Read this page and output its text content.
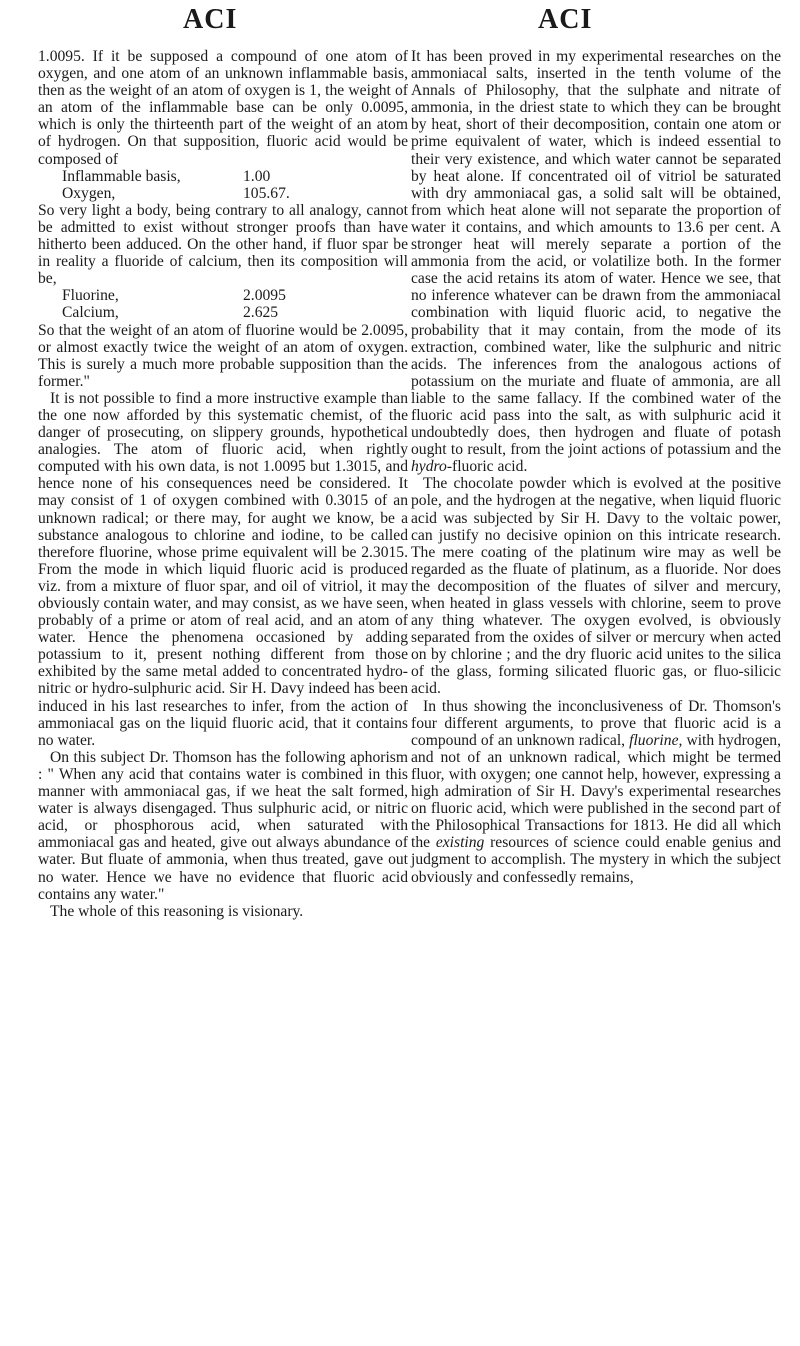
ACI	ACI

1.0095. If it be supposed a compound of one atom of oxygen, and one atom of an unknown inflammable basis, then as the weight of an atom of oxygen is 1, the weight of an atom of the inflammable base can be only 0.0095, which is only the thirteenth part of the weight of an atom of hydrogen. On that supposition, fluoric acid would be composed of

Inflammable basis,	1.00

Oxygen,	105.67.

So very light a body, being contrary to all analogy, cannot be admitted to exist without stronger proofs than have hitherto been adduced. On the other hand, if fluor spar be in reality a fluoride of calcium, then its composition will be,

Fluorine,	2.0095

Calcium,	2.625

So that the weight of an atom of fluorine would be 2.0095, or almost exactly twice the weight of an atom of oxygen. This is surely a much more probable supposition than the former."

It is not possible to find a more instructive example than the one now afforded by this systematic chemist, of the danger of prosecuting, on slippery grounds, hypothetical analogies. The atom of fluoric acid, when rightly computed with his own data, is not 1.0095 but 1.3015, and hence none of his consequences need be considered. It may consist of 1 of oxygen combined with 0.3015 of an unknown radical; or there may, for aught we know, be a substance analogous to chlorine and iodine, to be called therefore fluorine, whose prime equivalent will be 2.3015. From the mode in which liquid fluoric acid is produced viz. from a mixture of fluor spar, and oil of vitriol, it may obviously contain water, and may consist, as we have seen, probably of a prime or atom of real acid, and an atom of water. Hence the phenomena occasioned by adding potassium to it, present nothing different from those exhibited by the same metal added to concentrated hydro-nitric or hydro-sulphuric acid. Sir H. Davy indeed has been induced in his last researches to infer, from the action of ammoniacal gas on the liquid fluoric acid, that it contains no water.

On this subject Dr. Thomson has the following aphorism : " When any acid that contains water is combined in this manner with ammoniacal gas, if we heat the salt formed, water is always disengaged. Thus sulphuric acid, or nitric acid, or phosphorous acid, when saturated with ammoniacal gas and heated, give out always abundance of water. But fluate of ammonia, when thus treated, gave out no water. Hence we have no evidence that fluoric acid contains any water."

The whole of this reasoning is visionary.

It has been proved in my experimental researches on the ammoniacal salts, inserted in the tenth volume of the Annals of Philosophy, that the sulphate and nitrate of ammonia, in the driest state to which they can be brought by heat, short of their decomposition, contain one atom or prime equivalent of water, which is indeed essential to their very existence, and which water cannot be separated by heat alone. If concentrated oil of vitriol be saturated with dry ammoniacal gas, a solid salt will be obtained, from which heat alone will not separate the proportion of water it contains, and which amounts to 13.6 per cent. A stronger heat will merely separate a portion of the ammonia from the acid, or volatilize both. In the former case the acid retains its atom of water. Hence we see, that no inference whatever can be drawn from the ammoniacal combination with liquid fluoric acid, to negative the probability that it may contain, from the mode of its extraction, combined water, like the sulphuric and nitric acids. The inferences from the analogous actions of potassium on the muriate and fluate of ammonia, are all liable to the same fallacy. If the combined water of the fluoric acid pass into the salt, as with sulphuric acid it undoubtedly does, then hydrogen and fluate of potash ought to result, from the joint actions of potassium and the hydro-fluoric acid.

The chocolate powder which is evolved at the positive pole, and the hydrogen at the negative, when liquid fluoric acid was subjected by Sir H. Davy to the voltaic power, can justify no decisive opinion on this intricate research. The mere coating of the platinum wire may as well be regarded as the fluate of platinum, as a fluoride. Nor does the decomposition of the fluates of silver and mercury, when heated in glass vessels with chlorine, seem to prove any thing whatever. The oxygen evolved, is obviously separated from the oxides of silver or mercury when acted on by chlorine ; and the dry fluoric acid unites to the silica of the glass, forming silicated fluoric gas, or fluo-silicic acid.

In thus showing the inconclusiveness of Dr. Thomson's four different arguments, to prove that fluoric acid is a compound of an unknown radical, fluorine, with hydrogen, and not of an unknown radical, which might be termed fluor, with oxygen; one cannot help, however, expressing a high admiration of Sir H. Davy's experimental researches on fluoric acid, which were published in the second part of the Philosophical Transactions for 1813. He did all which the existing resources of science could enable genius and judgment to accomplish. The mystery in which the subject obviously and confessedly remains,
